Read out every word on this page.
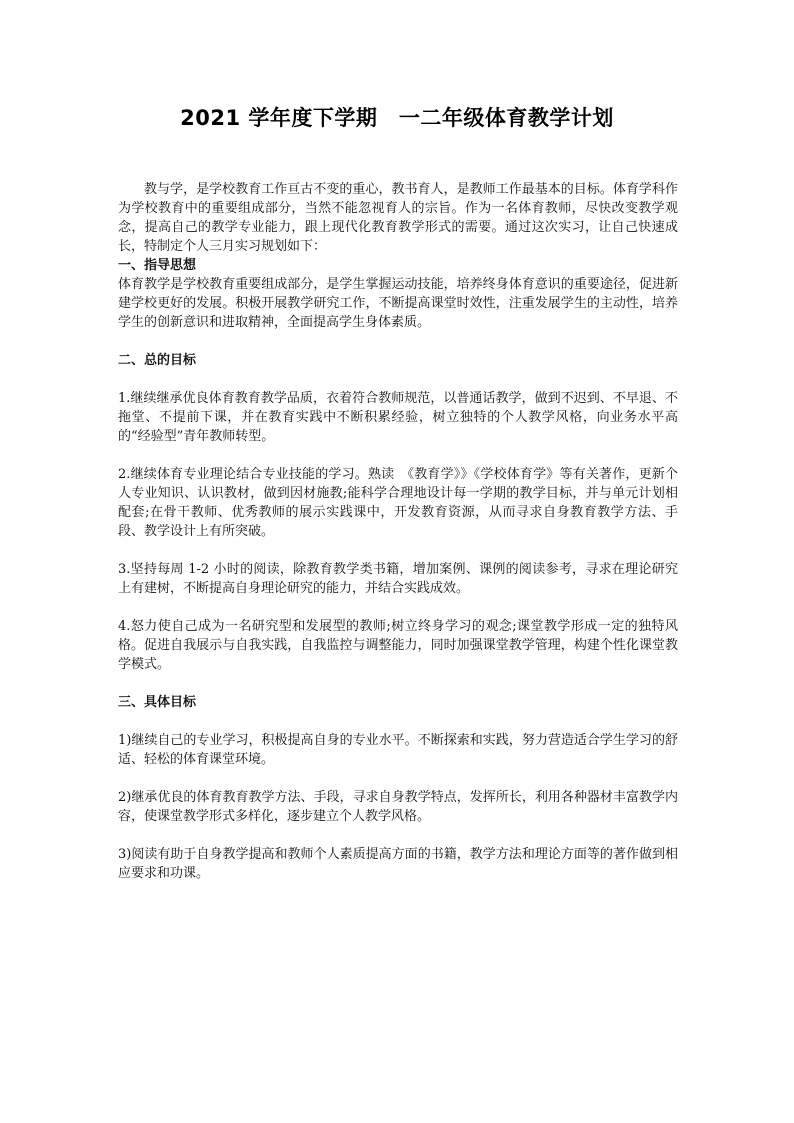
2021 学年度下学期　一二年级体育教学计划

教与学，是学校教育工作亘古不变的重心，教书育人，是教师工作最基本的目标。体育学科作为学校教育中的重要组成部分，当然不能忽视育人的宗旨。作为一名体育教师，尽快改变教学观念，提高自己的教学专业能力，跟上现代化教育教学形式的需要。通过这次实习，让自己快速成长，特制定个人三月实习规划如下：

一、指导思想

体育教学是学校教育重要组成部分，是学生掌握运动技能，培养终身体育意识的重要途径，促进新建学校更好的发展。积极开展教学研究工作，不断提高课堂时效性，注重发展学生的主动性，培养学生的创新意识和进取精神，全面提高学生身体素质。

二、总的目标

1.继续继承优良体育教育教学品质，衣着符合教师规范，以普通话教学，做到不迟到、不早退、不拖堂、不提前下课，并在教育实践中不断积累经验，树立独特的个人教学风格，向业务水平高的“经验型”青年教师转型。

2.继续体育专业理论结合专业技能的学习。熟读　《教育学》》《学校体育学》等有关著作，更新个人专业知识、认识教材，做到因材施教;能科学合理地设计每一学期的教学目标，并与单元计划相配套;在骨干教师、优秀教师的展示实践课中，开发教育资源，从而寻求自身教育教学方法、手段、教学设计上有所突破。

3.坚持每周 1-2 小时的阅读，除教育教学类书籍，增加案例、课例的阅读参考，寻求在理论研究上有建树，不断提高自身理论研究的能力，并结合实践成效。

4.怒力使自己成为一名研究型和发展型的教师;树立终身学习的观念;课堂教学形成一定的独特风格。促进自我展示与自我实践，自我监控与调整能力，同时加强课堂教学管理，构建个性化课堂教学模式。

三、具体目标

1)继续自己的专业学习，积极提高自身的专业水平。不断探索和实践，努力营造适合学生学习的舒适、轻松的体育课堂环境。

2)继承优良的体育教育教学方法、手段，寻求自身教学特点，发挥所长，利用各种器材丰富教学内容，使课堂教学形式多样化，逐步建立个人教学风格。

3)阅读有助于自身教学提高和教师个人素质提高方面的书籍，教学方法和理论方面等的著作做到相应要求和功课。
